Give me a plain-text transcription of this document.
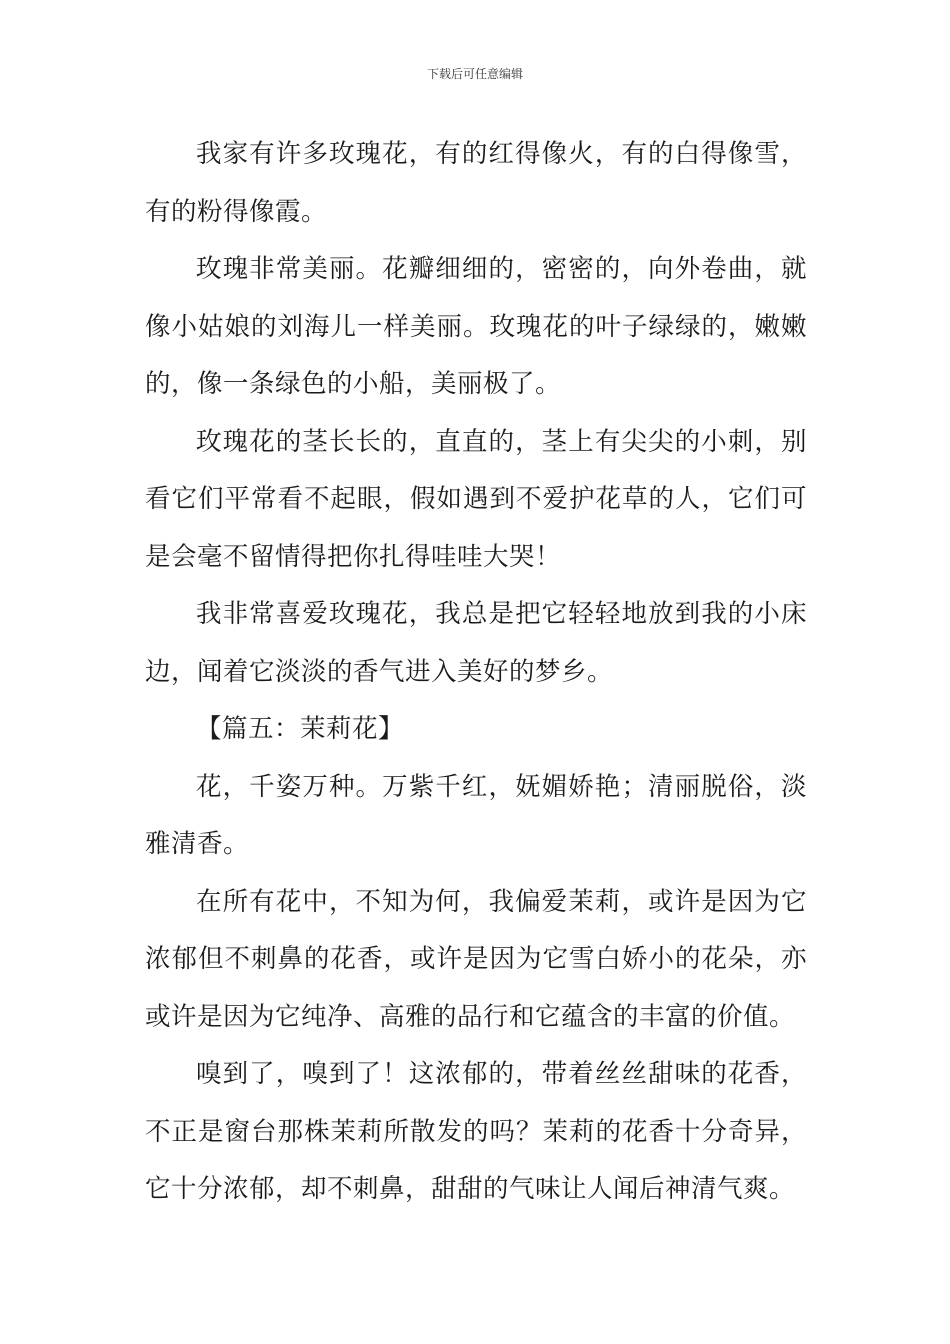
下载后可任意编辑

我家有许多玫瑰花，有的红得像火，有的白得像雪，有的粉得像霞。

玫瑰非常美丽。花瓣细细的，密密的，向外卷曲，就像小姑娘的刘海儿一样美丽。玫瑰花的叶子绿绿的，嫩嫩的，像一条绿色的小船，美丽极了。

玫瑰花的茎长长的，直直的，茎上有尖尖的小刺，别看它们平常看不起眼，假如遇到不爱护花草的人，它们可是会毫不留情得把你扎得哇哇大哭！

我非常喜爱玫瑰花，我总是把它轻轻地放到我的小床边，闻着它淡淡的香气进入美好的梦乡。

【篇五：茉莉花】

花，千姿万种。万紫千红，妩媚娇艳；清丽脱俗，淡雅清香。

在所有花中，不知为何，我偏爱茉莉，或许是因为它浓郁但不刺鼻的花香，或许是因为它雪白娇小的花朵，亦或许是因为它纯净、高雅的品行和它蕴含的丰富的价值。

嗅到了，嗅到了！这浓郁的，带着丝丝甜味的花香，不正是窗台那株茉莉所散发的吗？茉莉的花香十分奇异，它十分浓郁，却不刺鼻，甜甜的气味让人闻后神清气爽。
